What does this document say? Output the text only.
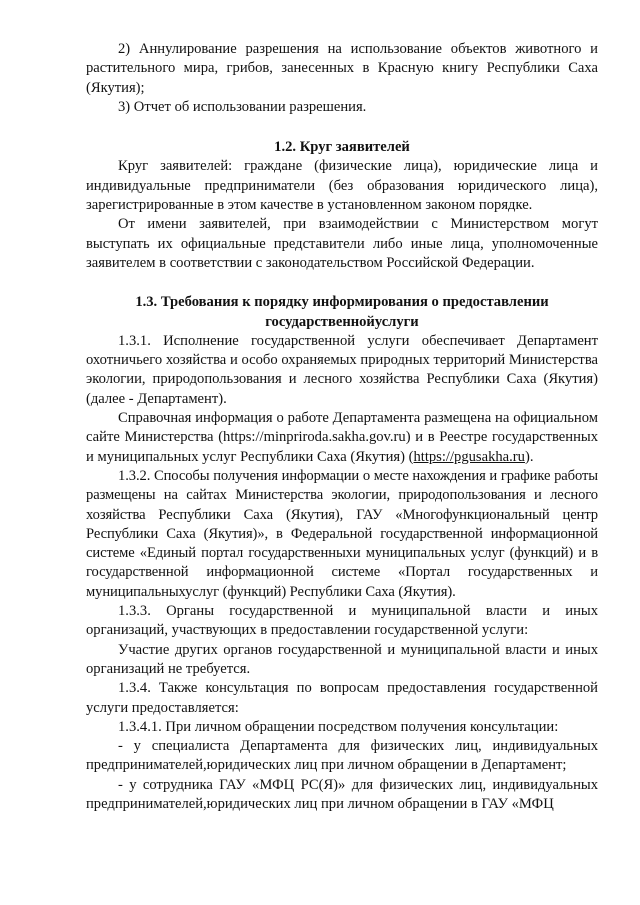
2) Аннулирование разрешения на использование объектов животного и растительного мира, грибов, занесенных в Красную книгу Республики Саха (Якутия);

3) Отчет об использовании разрешения.

1.2. Круг заявителей

Круг заявителей: граждане (физические лица), юридические лица и индивидуальные предприниматели (без образования юридического лица), зарегистрированные в этом качестве в установленном законом порядке.

От имени заявителей, при взаимодействии с Министерством могут выступать их официальные представители либо иные лица, уполномоченные заявителем в соответствии с законодательством Российской Федерации.

1.3. Требования к порядку информирования о предоставлении государственнойуслуги

1.3.1. Исполнение государственной услуги обеспечивает Департамент охотничьего хозяйства и особо охраняемых природных территорий Министерства экологии, природопользования и лесного хозяйства Республики Саха (Якутия) (далее - Департамент).

Справочная информация о работе Департамента размещена на официальном сайте Министерства (https://minpriroda.sakha.gov.ru) и в Реестре государственных и муниципальных услуг Республики Саха (Якутия) (https://pgusakha.ru).

1.3.2. Способы получения информации о месте нахождения и графике работы размещены на сайтах Министерства экологии, природопользования и лесного хозяйства Республики Саха (Якутия), ГАУ «Многофункциональный центр Республики Саха (Якутия)», в Федеральной государственной информационной системе «Единый портал государственныхи муниципальных услуг (функций) и в государственной информационной системе «Портал государственных и муниципальныхуслуг (функций) Республики Саха (Якутия).

1.3.3. Органы государственной и муниципальной власти и иных организаций, участвующих в предоставлении государственной услуги:

Участие других органов государственной и муниципальной власти и иных организаций не требуется.

1.3.4. Также консультация по вопросам предоставления государственной услуги предоставляется:

1.3.4.1. При личном обращении посредством получения консультации:

- у специалиста Департамента для физических лиц, индивидуальных предпринимателей,юридических лиц при личном обращении в Департамент;

- у сотрудника ГАУ «МФЦ РС(Я)» для физических лиц, индивидуальных предпринимателей,юридических лиц при личном обращении в ГАУ «МФЦ
